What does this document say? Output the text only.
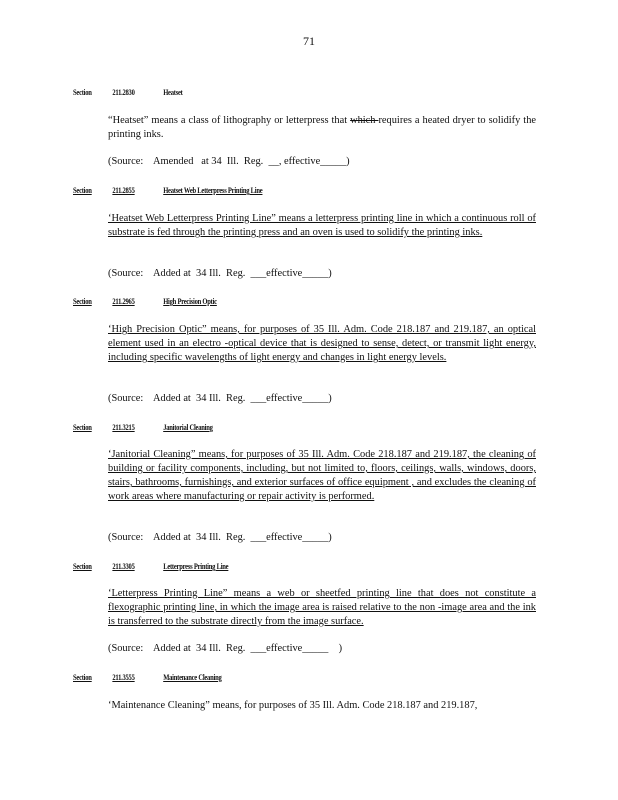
71
Section	211.2830	Heatset
“Heatset” means a class of lithography or letterpress that which requires a heated dryer to solidify the printing inks.
(Source:    Amended   at 34  Ill.  Reg.  __, effective_____)
Section	211.2855	Heatset Web Letterpress Printing Line
‘Heatset Web Letterpress Printing Line” means a letterpress printing line in which a continuous roll of substrate is fed through the printing press and an oven is used to solidify the printing inks.
(Source:    Added at  34 Ill.  Reg.  ___effective_____)
Section	211.2965	High Precision Optic
‘High Precision Optic” means, for purposes of 35 Ill. Adm. Code 218.187 and 219.187, an optical element used in an electro -optical device that is designed to sense, detect, or transmit light energy, including specific wavelengths of light energy and changes in light energy levels.
(Source:    Added at  34 Ill.  Reg.  ___effective_____)
Section	211.3215	Janitorial Cleaning
‘Janitorial Cleaning” means, for purposes of 35 Ill. Adm. Code 218.187 and 219.187, the cleaning of building or facility components, including, but not limited to, floors, ceilings, walls, windows, doors, stairs, bathrooms, furnishings, and exterior surfaces of office equipment , and excludes the cleaning of work areas where manufacturing or repair activity is performed.
(Source:    Added at  34 Ill.  Reg.  ___effective_____)
Section	211.3305	Letterpress Printing Line
‘Letterpress Printing Line” means a web or sheetfed printing line that does not constitute a flexographic printing line, in which the image area is raised relative to the non -image area and the ink is transferred to the substrate directly from the image surface.
(Source:    Added at  34 Ill.  Reg.  ___effective_____    )
Section	211.3555	Maintenance Cleaning
‘Maintenance Cleaning” means, for purposes of 35 Ill. Adm. Code 218.187 and 219.187,
